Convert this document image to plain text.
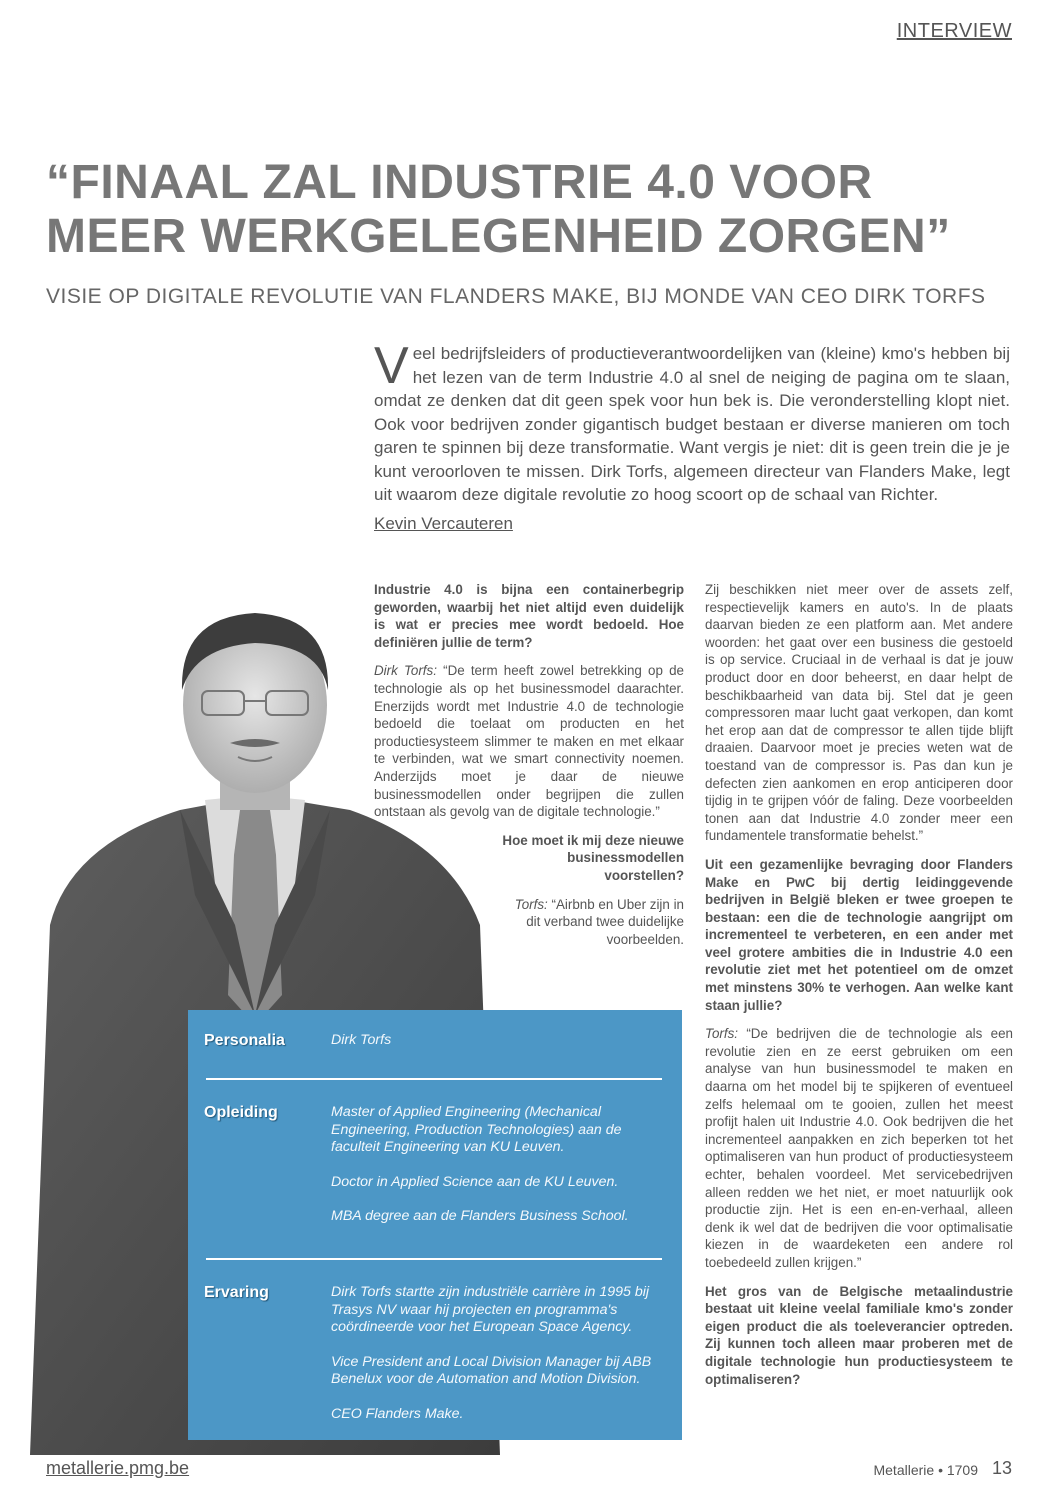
INTERVIEW
“FINAAL ZAL INDUSTRIE 4.0 VOOR
MEER WERKGELEGENHEID ZORGEN”
VISIE OP DIGITALE REVOLUTIE VAN FLANDERS MAKE, BIJ MONDE VAN CEO DIRK TORFS
Veel bedrijfsleiders of productieverantwoordelijken van (kleine) kmo's hebben bij het lezen van de term Industrie 4.0 al snel de neiging de pagina om te slaan, omdat ze denken dat dit geen spek voor hun bek is. Die veronderstelling klopt niet. Ook voor bedrijven zonder gigantisch budget bestaan er diverse manieren om toch garen te spinnen bij deze transformatie. Want vergis je niet: dit is geen trein die je je kunt veroorloven te missen. Dirk Torfs, algemeen directeur van Flanders Make, legt uit waarom deze digitale revolutie zo hoog scoort op de schaal van Richter.
Kevin Vercauteren

Industrie 4.0 is bijna een containerbegrip geworden, waarbij het niet altijd even duidelijk is wat er precies mee wordt bedoeld. Hoe definiëren jullie de term?

Dirk Torfs: “De term heeft zowel betrekking op de technologie als op het businessmodel daarachter. Enerzijds wordt met Industrie 4.0 de technologie bedoeld die toelaat om producten en het productiesysteem slimmer te maken en met elkaar te verbinden, wat we smart connectivity noemen. Anderzijds moet je daar de nieuwe businessmodellen onder begrijpen die zullen ontstaan als gevolg van de digitale technologie.”

Hoe moet ik mij deze nieuwe businessmodellen voorstellen?

Torfs: “Airbnb en Uber zijn in dit verband twee duidelijke voorbeelden.

Zij beschikken niet meer over de assets zelf, respectievelijk kamers en auto's. In de plaats daarvan bieden ze een platform aan. Met andere woorden: het gaat over een business die gestoeld is op service. Cruciaal in de verhaal is dat je jouw product door en door beheerst, en daar helpt de beschikbaarheid van data bij. Stel dat je geen compressoren maar lucht gaat verkopen, dan komt het erop aan dat de compressor te allen tijde blijft draaien. Daarvoor moet je precies weten wat de toestand van de compressor is. Pas dan kun je defecten zien aankomen en erop anticiperen door tijdig in te grijpen vóór de faling. Deze voorbeelden tonen aan dat Industrie 4.0 zonder meer een fundamentele transformatie behelst.”

Uit een gezamenlijke bevraging door Flanders Make en PwC bij dertig leidinggevende bedrijven in België bleken er twee groepen te bestaan: een die de technologie aangrijpt om incrementeel te verbeteren, en een ander met veel grotere ambities die in Industrie 4.0 een revolutie ziet met het potentieel om de omzet met minstens 30% te verhogen. Aan welke kant staan jullie?

Torfs: “De bedrijven die de technologie als een revolutie zien en ze eerst gebruiken om een analyse van hun businessmodel te maken en daarna om het model bij te spijkeren of eventueel zelfs helemaal om te gooien, zullen het meest profijt halen uit Industrie 4.0. Ook bedrijven die het incrementeel aanpakken en zich beperken tot het optimaliseren van hun product of productiesysteem echter, behalen voordeel. Met servicebedrijven alleen redden we het niet, er moet natuurlijk ook productie zijn. Het is een en-en-verhaal, alleen denk ik wel dat de bedrijven die voor optimalisatie kiezen in de waardeketen een andere rol toebedeeld zullen krijgen.”

Het gros van de Belgische metaalindustrie bestaat uit kleine veelal familiale kmo's zonder eigen product die als toeleverancier optreden. Zij kunnen toch alleen maar proberen met de digitale technologie hun productiesysteem te optimaliseren?

Personalia	Dirk Torfs
Opleiding	Master of Applied Engineering (Mechanical Engineering, Production Technologies) aan de faculteit Engineering van KU Leuven.

Doctor in Applied Science aan de KU Leuven.

MBA degree aan de Flanders Business School.

Ervaring	Dirk Torfs startte zijn industriële carrière in 1995 bij Trasys NV waar hij projecten en programma's coördineerde voor het European Space Agency.

Vice President and Local Division Manager bij ABB Benelux voor de Automation and Motion Division.

CEO Flanders Make.

metallerie.pmg.be	Metallerie • 1709 13
